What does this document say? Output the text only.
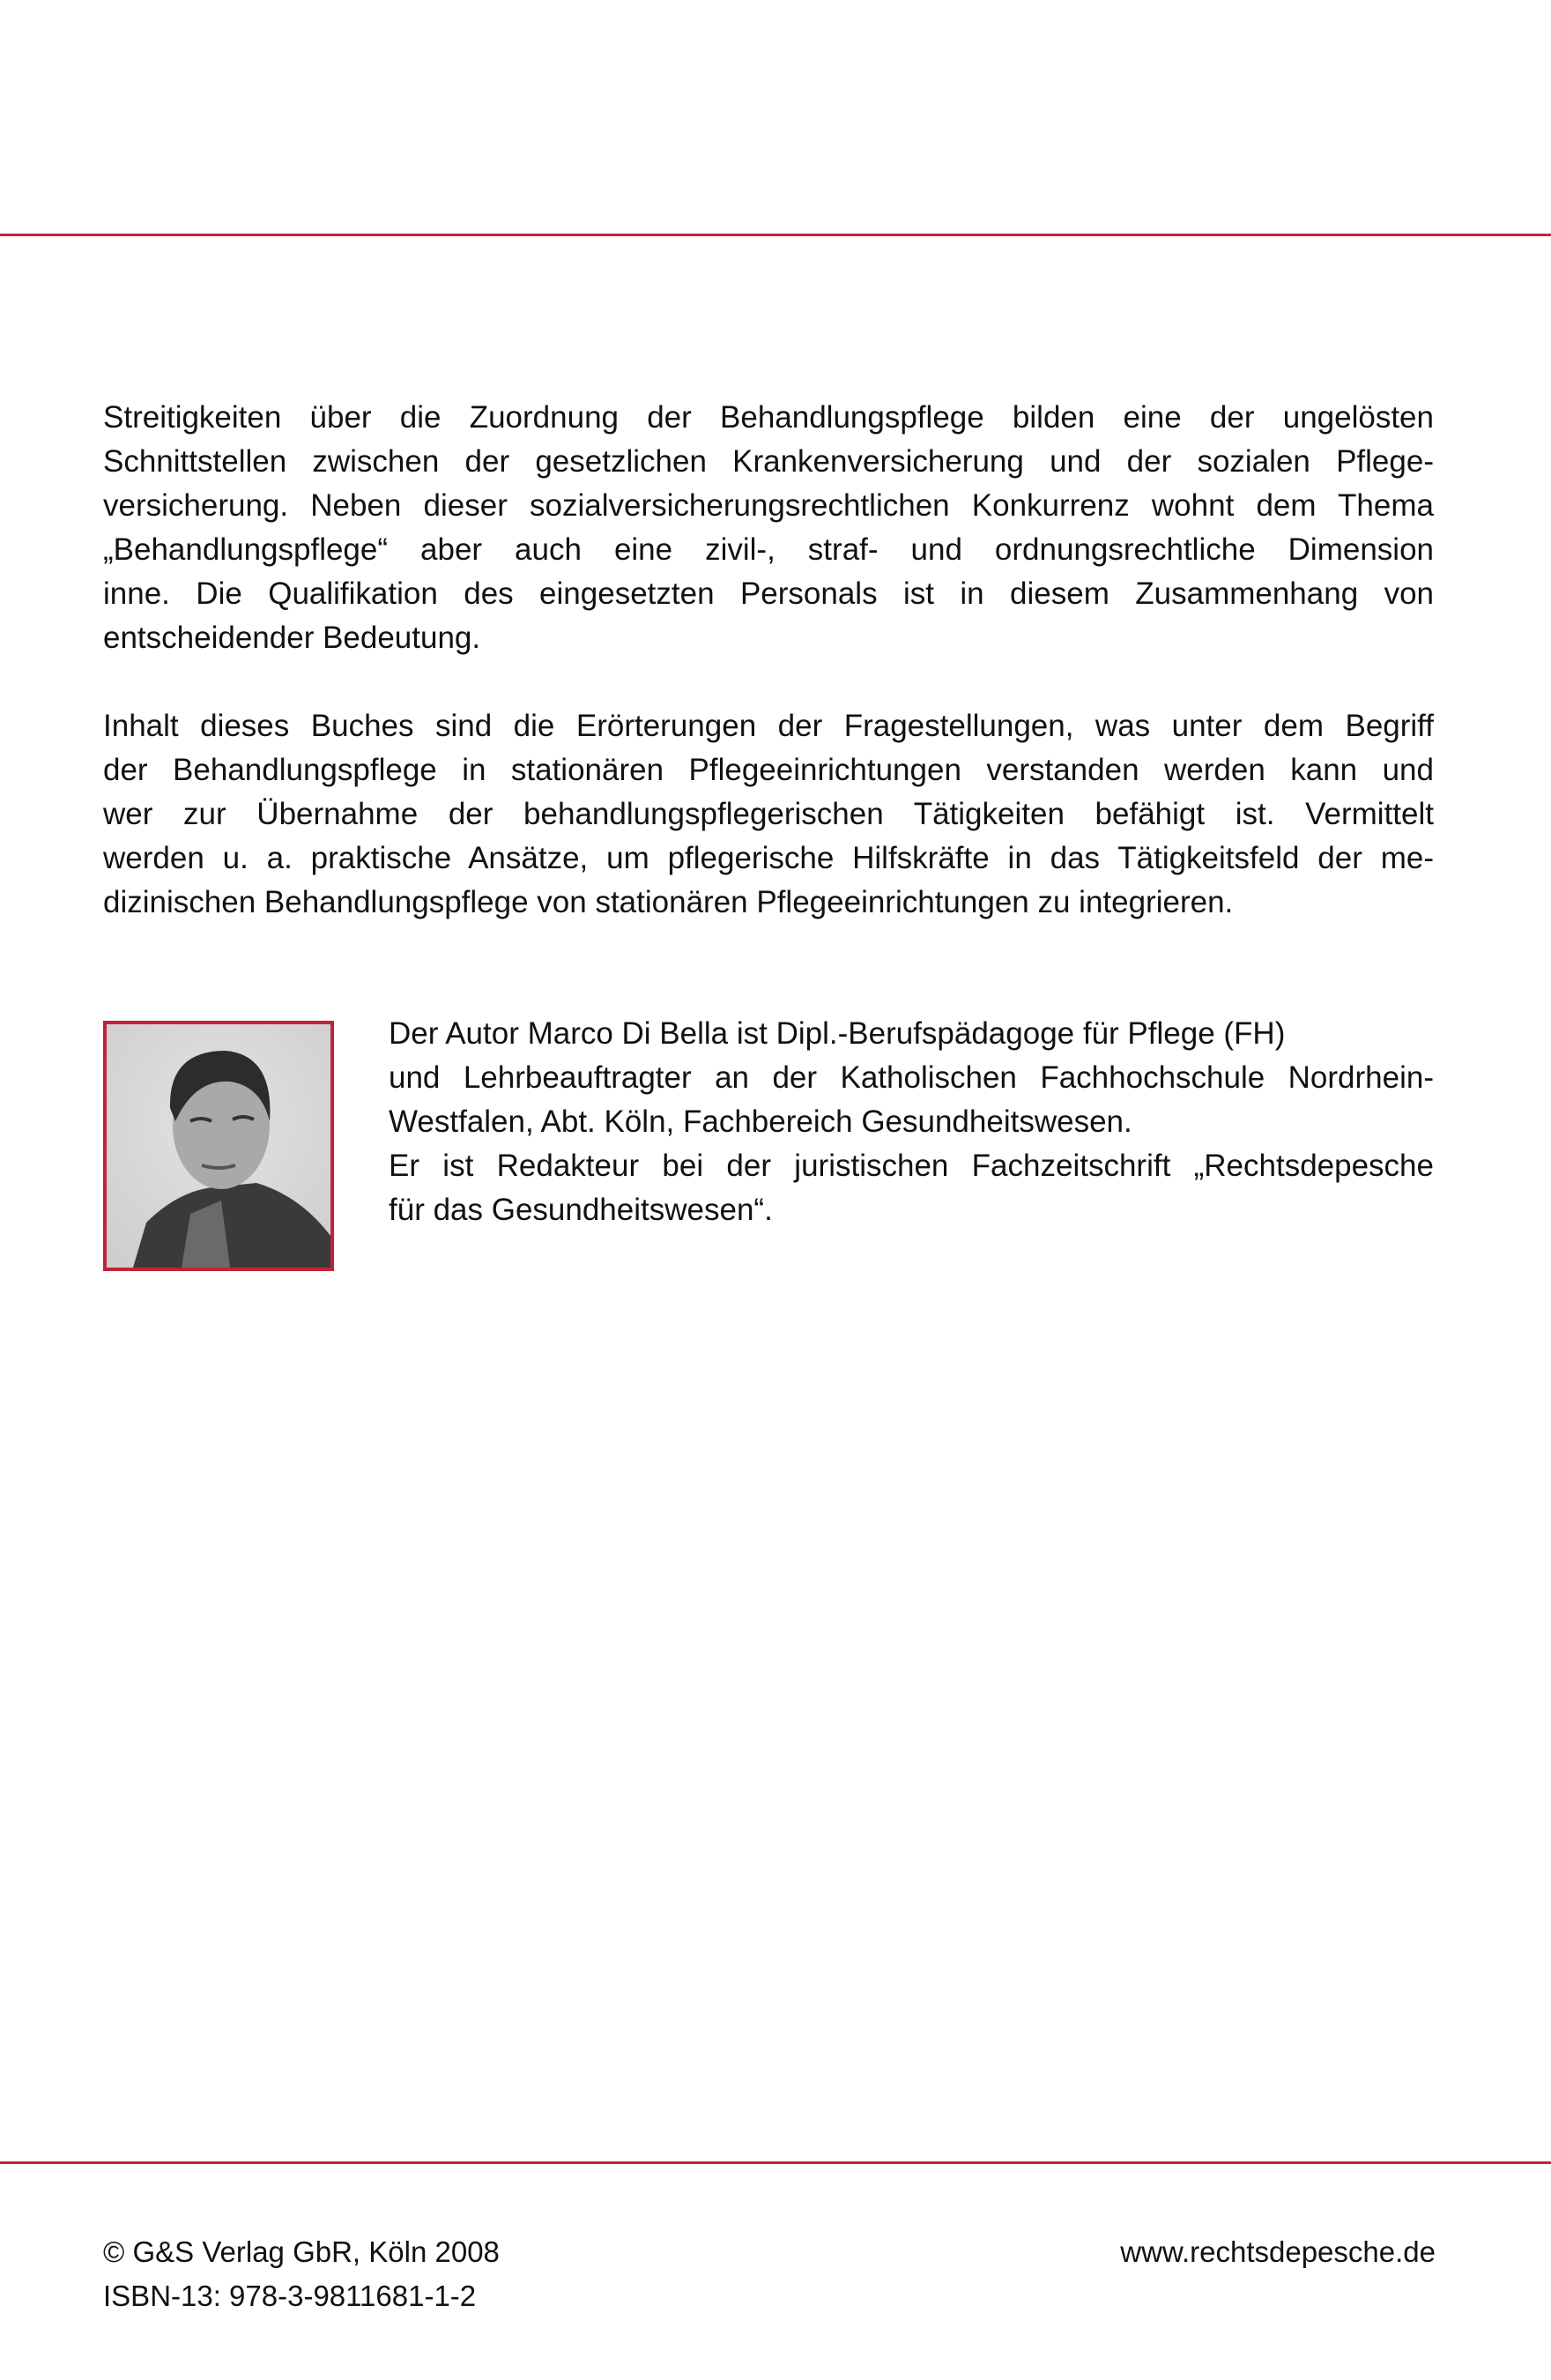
Streitigkeiten über die Zuordnung der Behandlungspflege bilden eine der ungelösten
Schnittstellen zwischen der gesetzlichen Krankenversicherung und der sozialen Pflege-
versicherung. Neben dieser sozialversicherungsrechtlichen Konkurrenz wohnt dem Thema
„Behandlungspflege“ aber auch eine zivil-, straf- und ordnungsrechtliche Dimension
inne. Die Qualifikation des eingesetzten Personals ist in diesem Zusammenhang von
entscheidender Bedeutung.
Inhalt dieses Buches sind die Erörterungen der Fragestellungen, was unter dem Begriff
der Behandlungspflege in stationären Pflegeeinrichtungen verstanden werden kann und
wer zur Übernahme der behandlungspflegerischen Tätigkeiten befähigt ist. Vermittelt
werden u. a. praktische Ansätze, um pflegerische Hilfskräfte in das Tätigkeitsfeld der me-
dizinischen Behandlungspflege von stationären Pflegeeinrichtungen zu integrieren.
Der Autor Marco Di Bella ist Dipl.-Berufspädagoge für Pflege (FH)
und Lehrbeauftragter an der Katholischen Fachhochschule Nordrhein-
Westfalen, Abt. Köln, Fachbereich Gesundheitswesen.
Er ist Redakteur bei der juristischen Fachzeitschrift „Rechtsdepesche
für das Gesundheitswesen“.
© G&S Verlag GbR, Köln 2008
ISBN-13: 978-3-9811681-1-2
www.rechtsdepesche.de
